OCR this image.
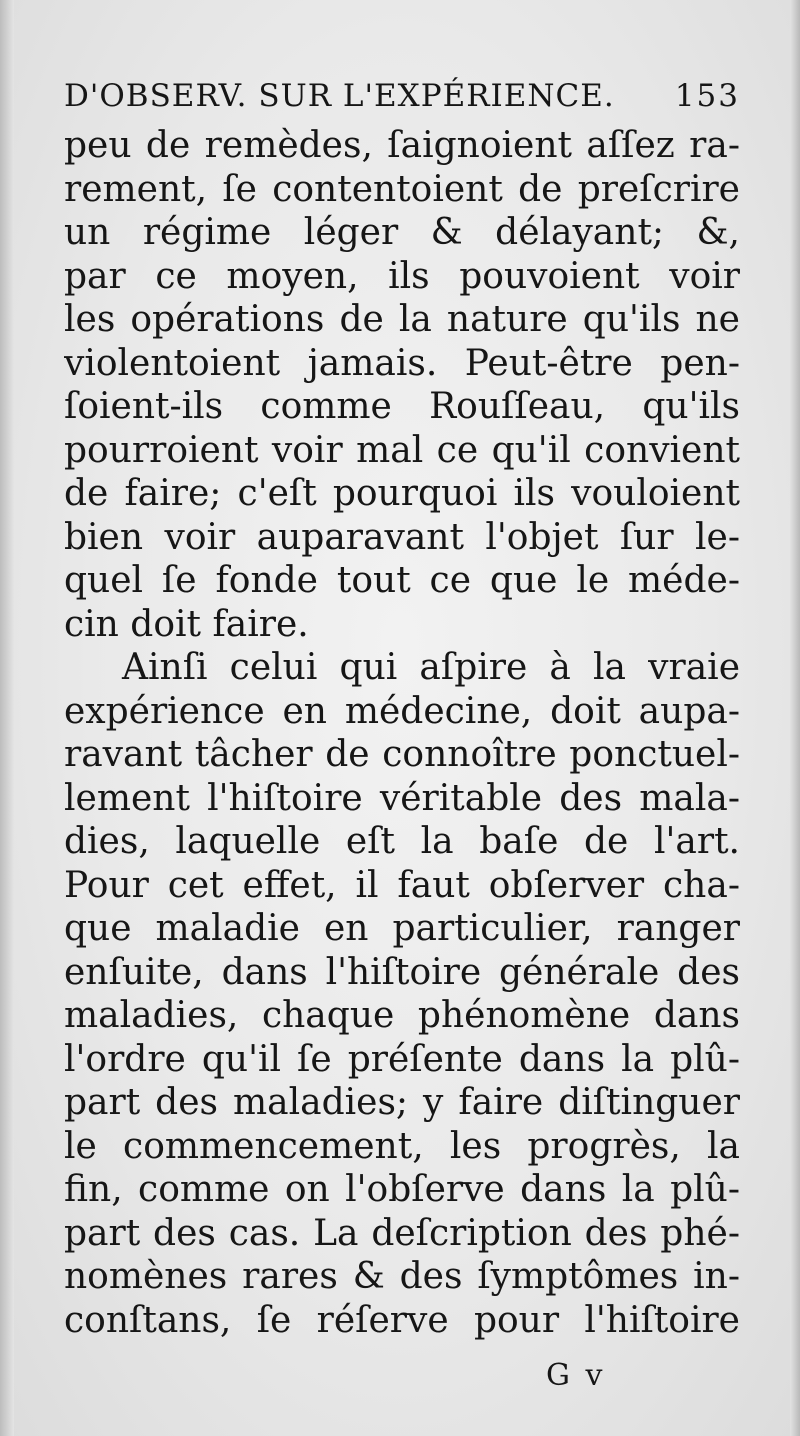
D'OBSERV. SUR L'EXPÉRIENCE. 153
peu de remèdes, ſaignoient aſſez ra-
rement, ſe contentoient de preſcrire
un régime léger & délayant; &,
par ce moyen, ils pouvoient voir
les opérations de la nature qu'ils ne
violentoient jamais. Peut-être pen-
ſoient-ils comme Rouſſeau, qu'ils
pourroient voir mal ce qu'il convient
de faire; c'eſt pourquoi ils vouloient
bien voir auparavant l'objet ſur le-
quel ſe fonde tout ce que le méde-
cin doit faire.
Ainſi celui qui aſpire à la vraie
expérience en médecine, doit aupa-
ravant tâcher de connoître ponctuel-
lement l'hiſtoire véritable des mala-
dies, laquelle eſt la baſe de l'art.
Pour cet effet, il faut obſerver cha-
que maladie en particulier, ranger
enſuite, dans l'hiſtoire générale des
maladies, chaque phénomène dans
l'ordre qu'il ſe préſente dans la plû-
part des maladies; y faire diſtinguer
le commencement, les progrès, la
fin, comme on l'obſerve dans la plû-
part des cas. La deſcription des phé-
nomènes rares & des ſymptômes in-
conſtans, ſe réſerve pour l'hiſtoire
G v
